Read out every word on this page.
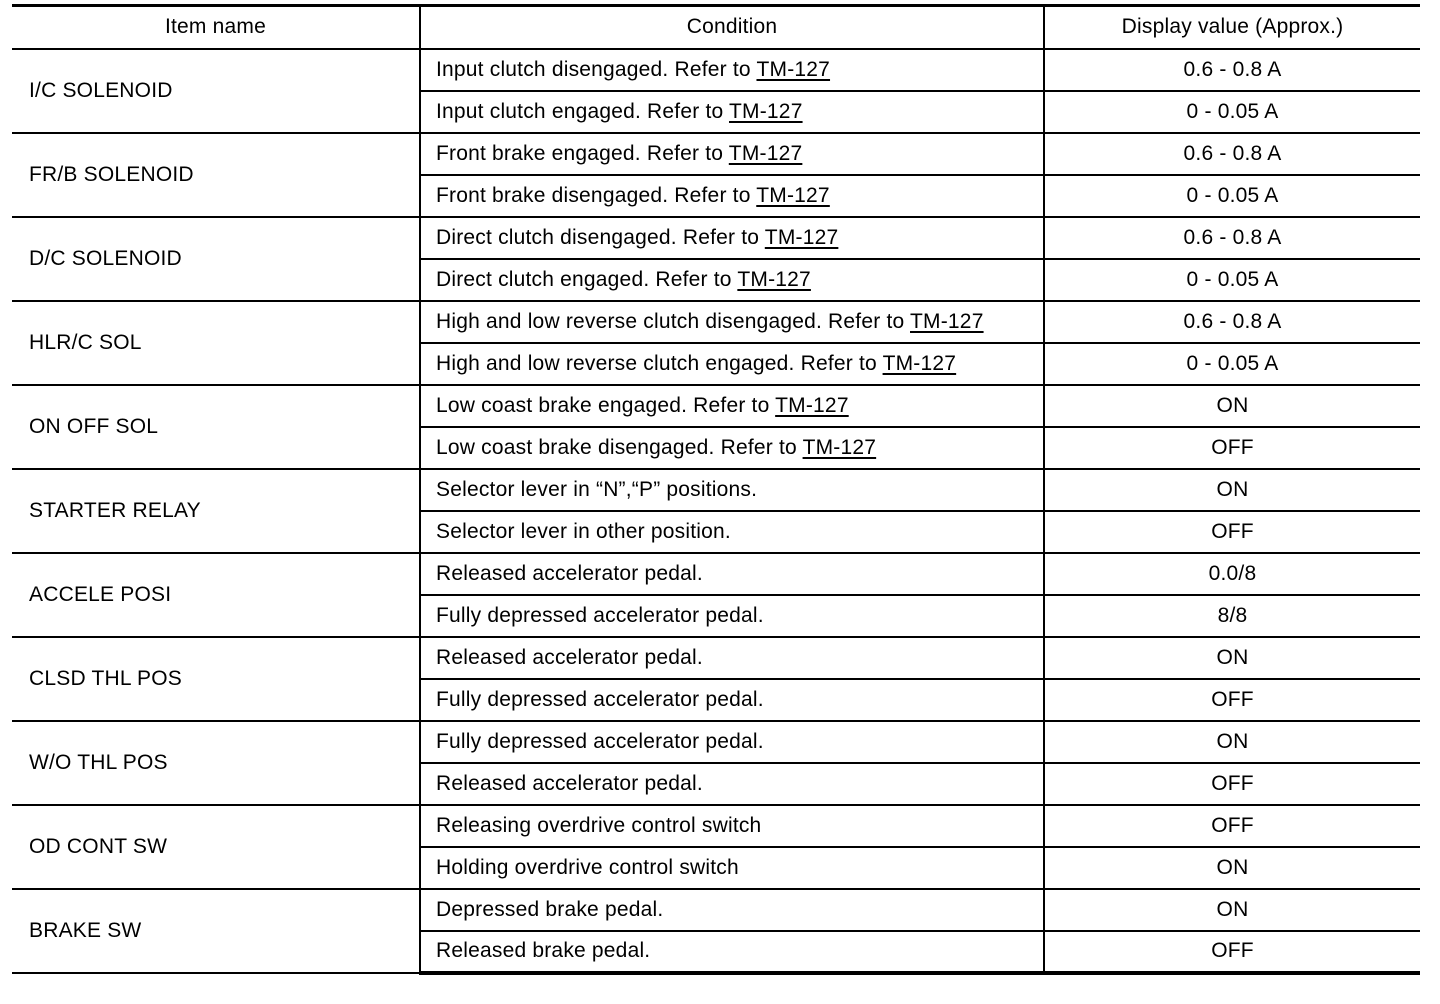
Item name	Condition	Display value (Approx.)
I/C SOLENOID	Input clutch disengaged. Refer to TM-127	0.6 - 0.8 A
	Input clutch engaged. Refer to TM-127	0 - 0.05 A
FR/B SOLENOID	Front brake engaged. Refer to TM-127	0.6 - 0.8 A
	Front brake disengaged. Refer to TM-127	0 - 0.05 A
D/C SOLENOID	Direct clutch disengaged. Refer to TM-127	0.6 - 0.8 A
	Direct clutch engaged. Refer to TM-127	0 - 0.05 A
HLR/C SOL	High and low reverse clutch disengaged. Refer to TM-127	0.6 - 0.8 A
	High and low reverse clutch engaged. Refer to TM-127	0 - 0.05 A
ON OFF SOL	Low coast brake engaged. Refer to TM-127	ON
	Low coast brake disengaged. Refer to TM-127	OFF
STARTER RELAY	Selector lever in “N”,“P” positions.	ON
	Selector lever in other position.	OFF
ACCELE POSI	Released accelerator pedal.	0.0/8
	Fully depressed accelerator pedal.	8/8
CLSD THL POS	Released accelerator pedal.	ON
	Fully depressed accelerator pedal.	OFF
W/O THL POS	Fully depressed accelerator pedal.	ON
	Released accelerator pedal.	OFF
OD CONT SW	Releasing overdrive control switch	OFF
	Holding overdrive control switch	ON
BRAKE SW	Depressed brake pedal.	ON
	Released brake pedal.	OFF
